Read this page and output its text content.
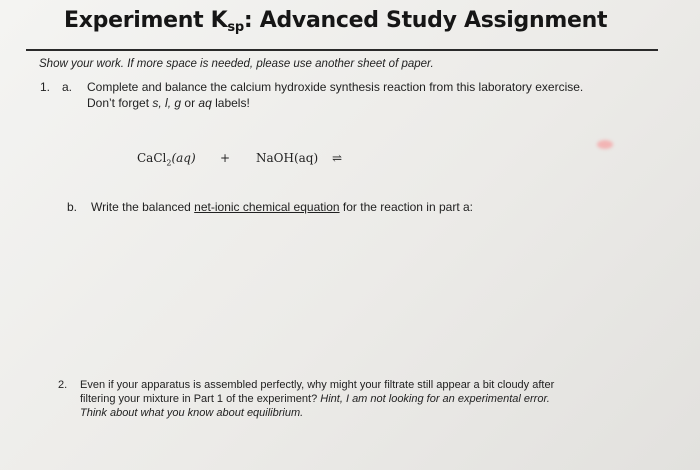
Experiment $K_{sp}$: Advanced Study Assignment
Show your work. If more space is needed, please use another sheet of paper.
1. a. Complete and balance the calcium hydroxide synthesis reaction from this laboratory exercise.
Don’t forget s, l, g or aq labels!
CaCl$_2$(aq) + NaOH(aq) ⇌
b. Write the balanced net-ionic chemical equation for the reaction in part a:
2. Even if your apparatus is assembled perfectly, why might your filtrate still appear a bit cloudy after
filtering your mixture in Part 1 of the experiment? Hint, I am not looking for an experimental error.
Think about what you know about equilibrium.
